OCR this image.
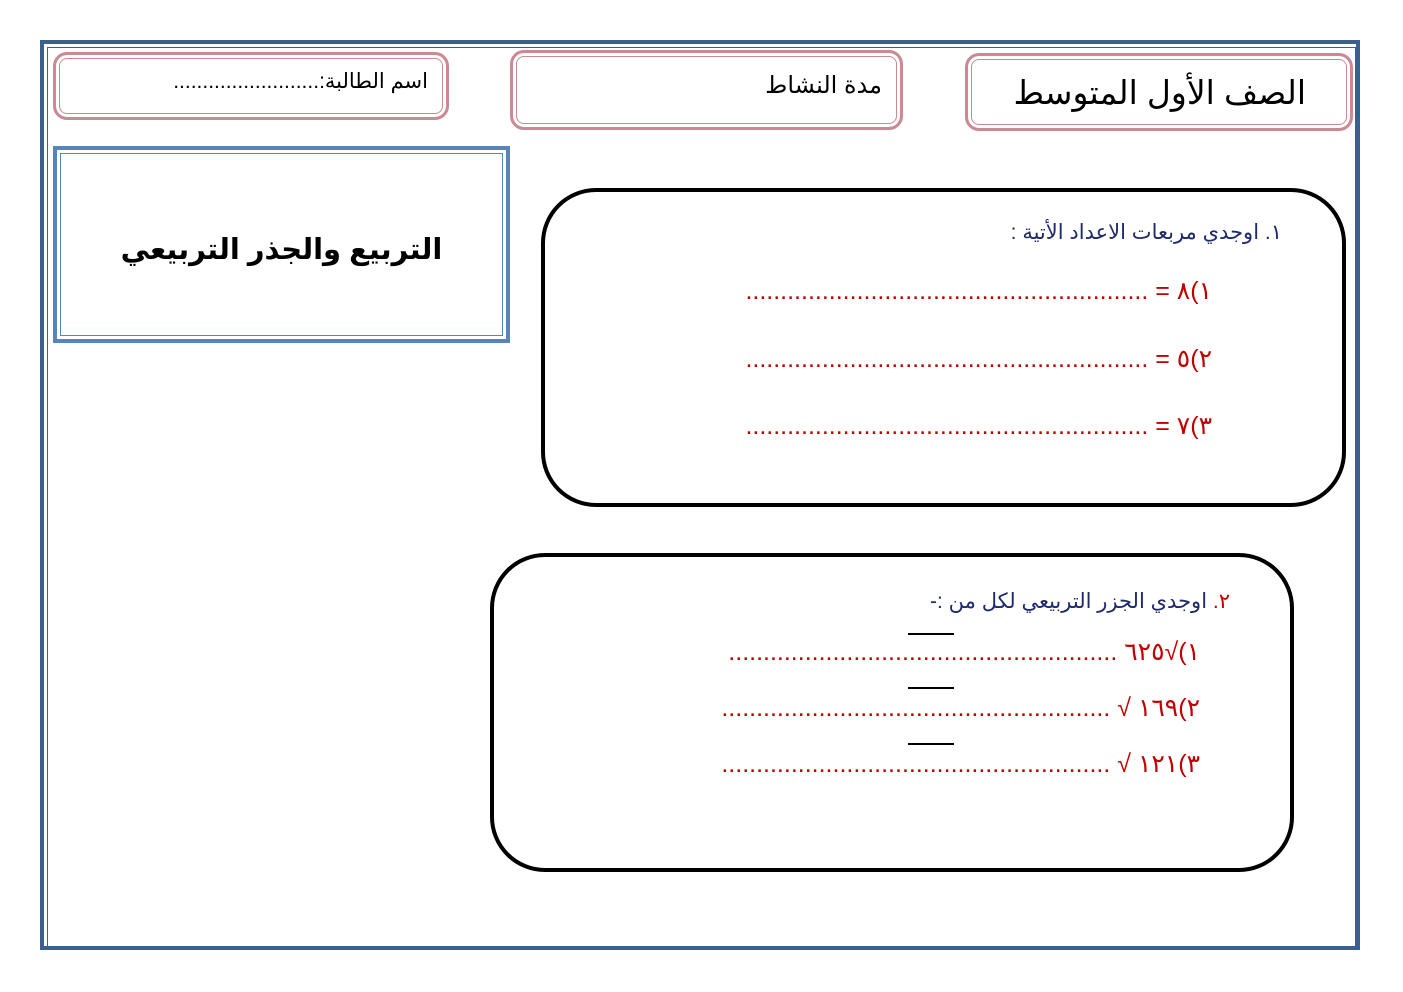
الصف الأول المتوسط
مدة النشاط
اسم الطالبة:.........................
التربيع والجذر التربيعي
١. اوجدي مربعات الاعداد الأتية :
١)٨ = ..........................................................
٢)٥ = ..........................................................
٣)٧ = ..........................................................
٢. اوجدي الجزر التربيعي لكل من :-
١)√٦٢٥ ........................................................
٢)١٦٩ √ ........................................................
٣)١٢١ √ ........................................................
